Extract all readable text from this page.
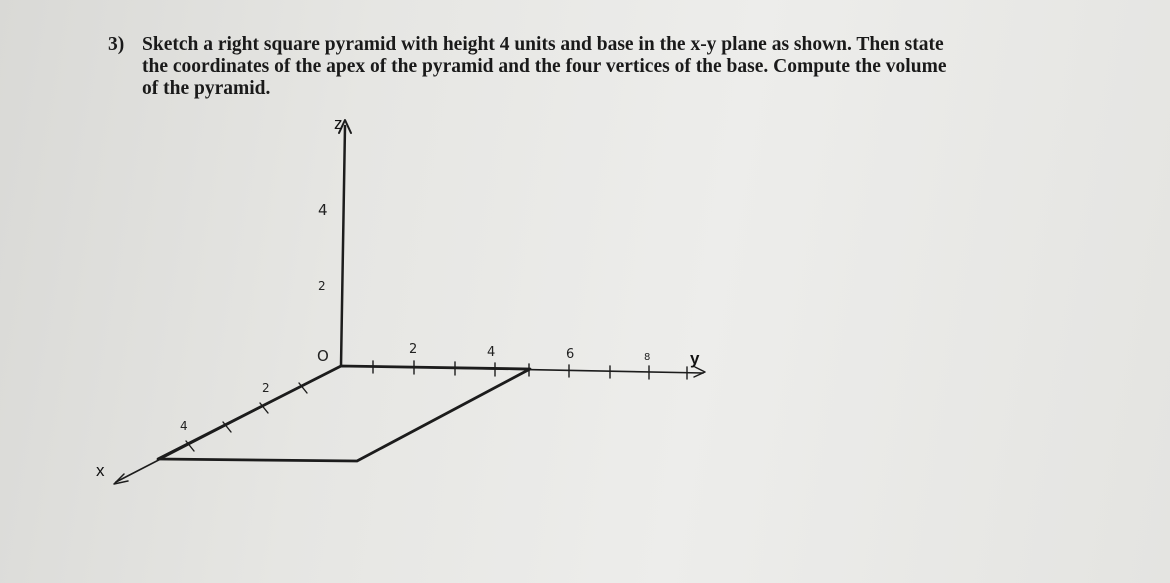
3) Sketch a right square pyramid with height 4 units and base in the x-y plane as shown. Then state
the coordinates of the apex of the pyramid and the four vertices of the base. Compute the volume
of the pyramid.
z
4
2
O	y
2	4	6	8
x
2
4
